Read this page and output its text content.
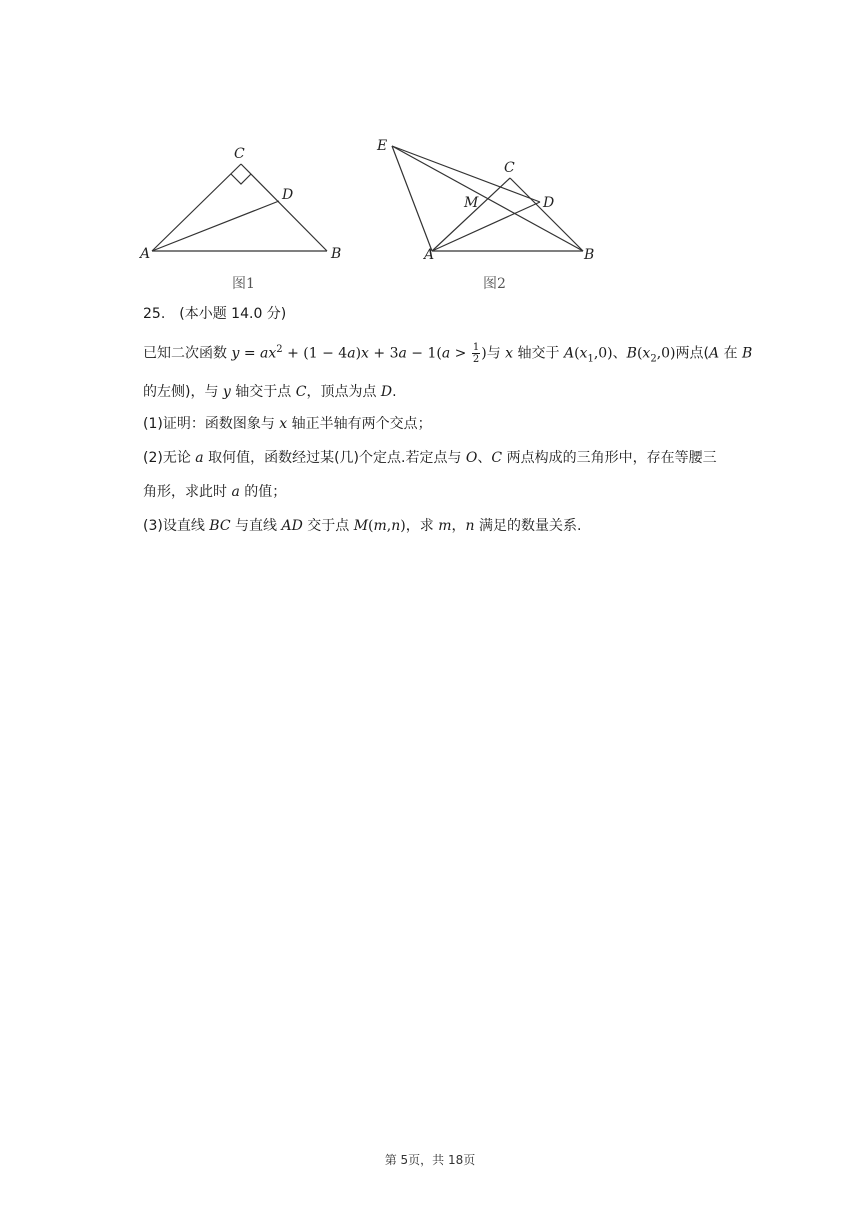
C
D
A	B
图1
E
C
M	D
A	B
图2
25.　(本小题 14.0 分)
已知二次函数 $y = ax^2 + (1 - 4a)x + 3a - 1(a > \frac{1}{2}$ )与 x 轴交于 $A(x_1,0)$、$B(x_2,0)$两点(A 在 B
的左侧)，与 y 轴交于点 C，顶点为点 D.
(1)证明：函数图象与 x 轴正半轴有两个交点；
(2)无论 a 取何值，函数经过某(几)个定点.若定点与 O、C 两点构成的三角形中，存在等腰三
角形，求此时 a 的值；
(3)设直线 BC 与直线 AD 交于点 M(m,n)，求 m，n 满足的数量关系.
第 5页，共 18页
